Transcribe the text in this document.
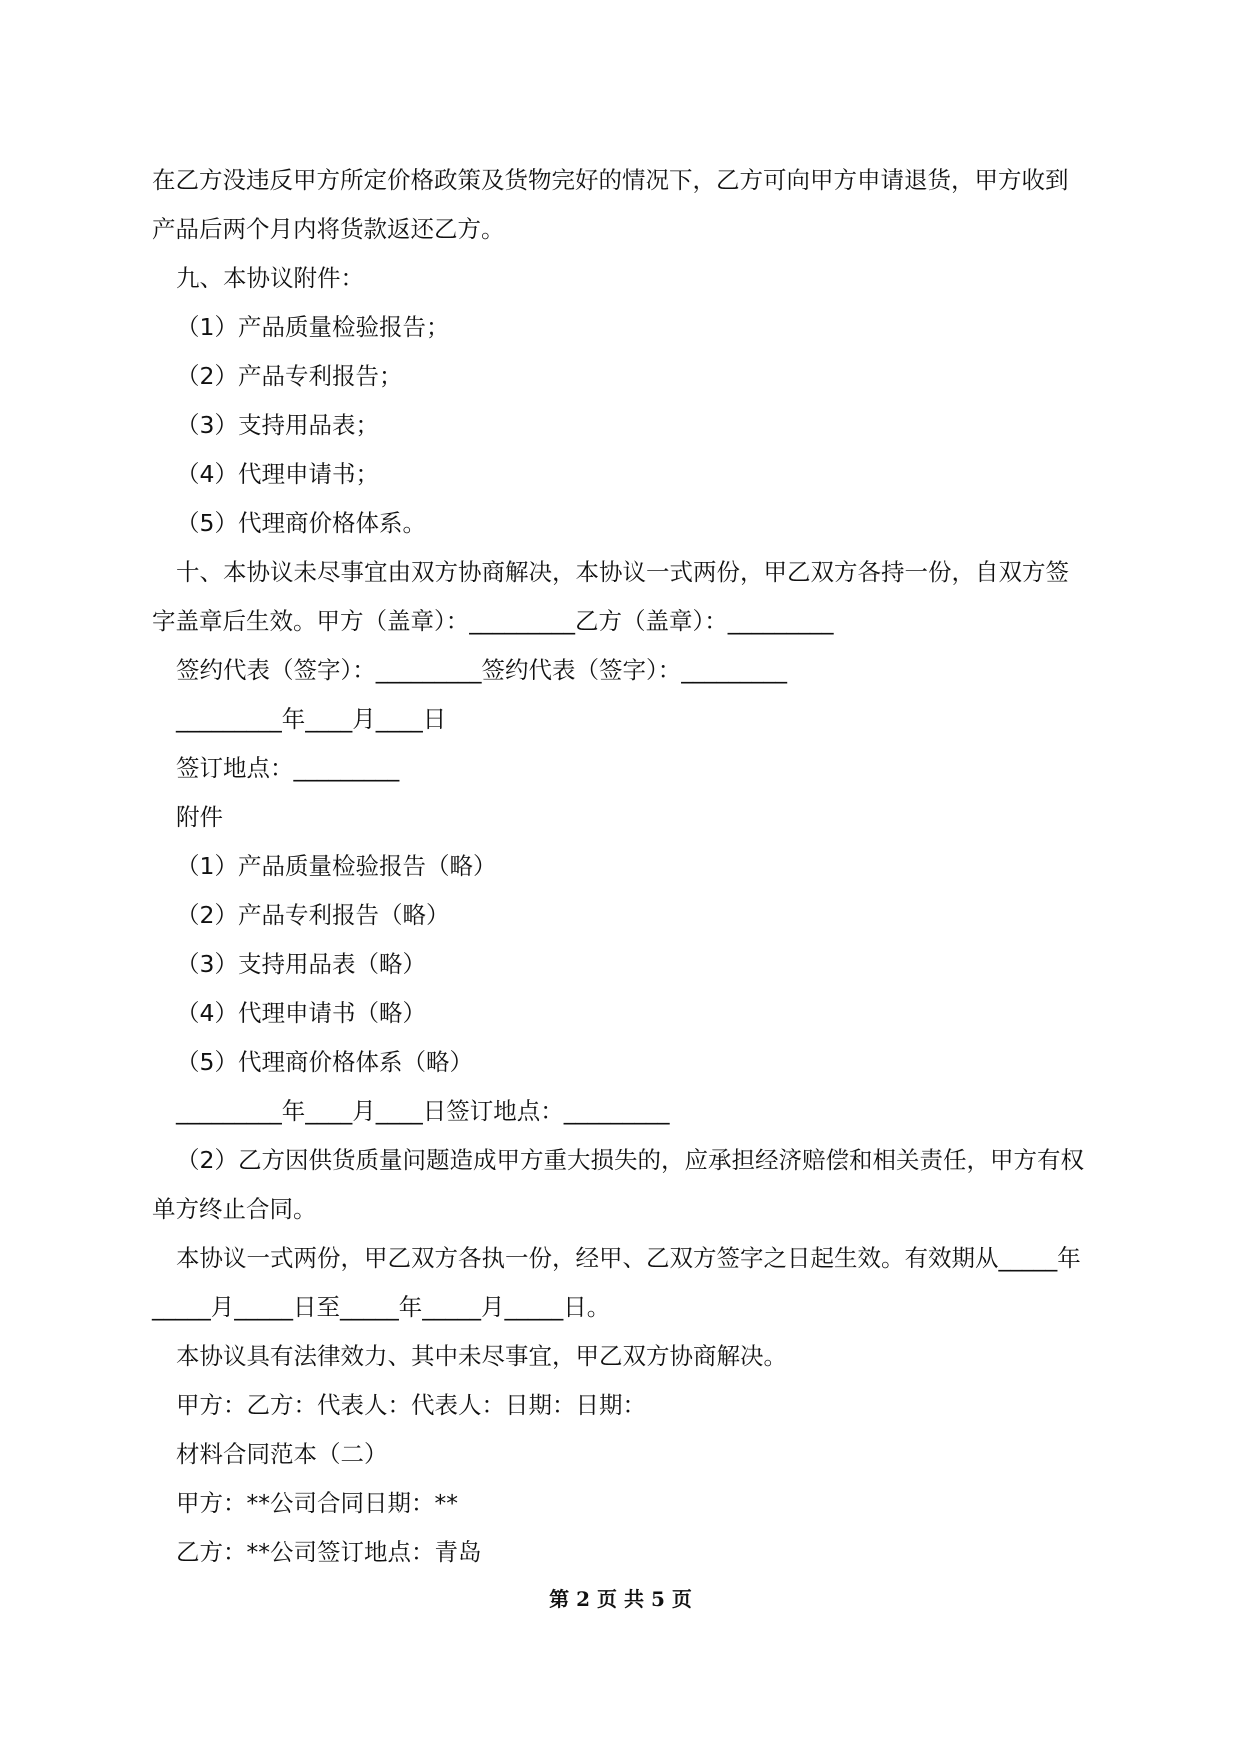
在乙方没违反甲方所定价格政策及货物完好的情况下，乙方可向甲方申请退货，甲方收到产品后两个月内将货款返还乙方。

九、本协议附件：

（1）产品质量检验报告；

（2）产品专利报告；

（3）支持用品表；

（4）代理申请书；

（5）代理商价格体系。

十、本协议未尽事宜由双方协商解决，本协议一式两份，甲乙双方各持一份，自双方签字盖章后生效。甲方（盖章）：_________乙方（盖章）：_________

签约代表（签字）：_________签约代表（签字）：_________

_________年____月____日

签订地点：_________

附件

（1）产品质量检验报告（略）

（2）产品专利报告（略）

（3）支持用品表（略）

（4）代理申请书（略）

（5）代理商价格体系（略）

_________年____月____日签订地点：_________

（2）乙方因供货质量问题造成甲方重大损失的，应承担经济赔偿和相关责任，甲方有权单方终止合同。

本协议一式两份，甲乙双方各执一份，经甲、乙双方签字之日起生效。有效期从_____年_____月_____日至_____年_____月_____日。

本协议具有法律效力、其中未尽事宜，甲乙双方协商解决。

甲方：乙方：代表人：代表人：日期：日期：

材料合同范本（二）

甲方：**公司合同日期：**

乙方：**公司签订地点：青岛

第 2 页 共 5 页
